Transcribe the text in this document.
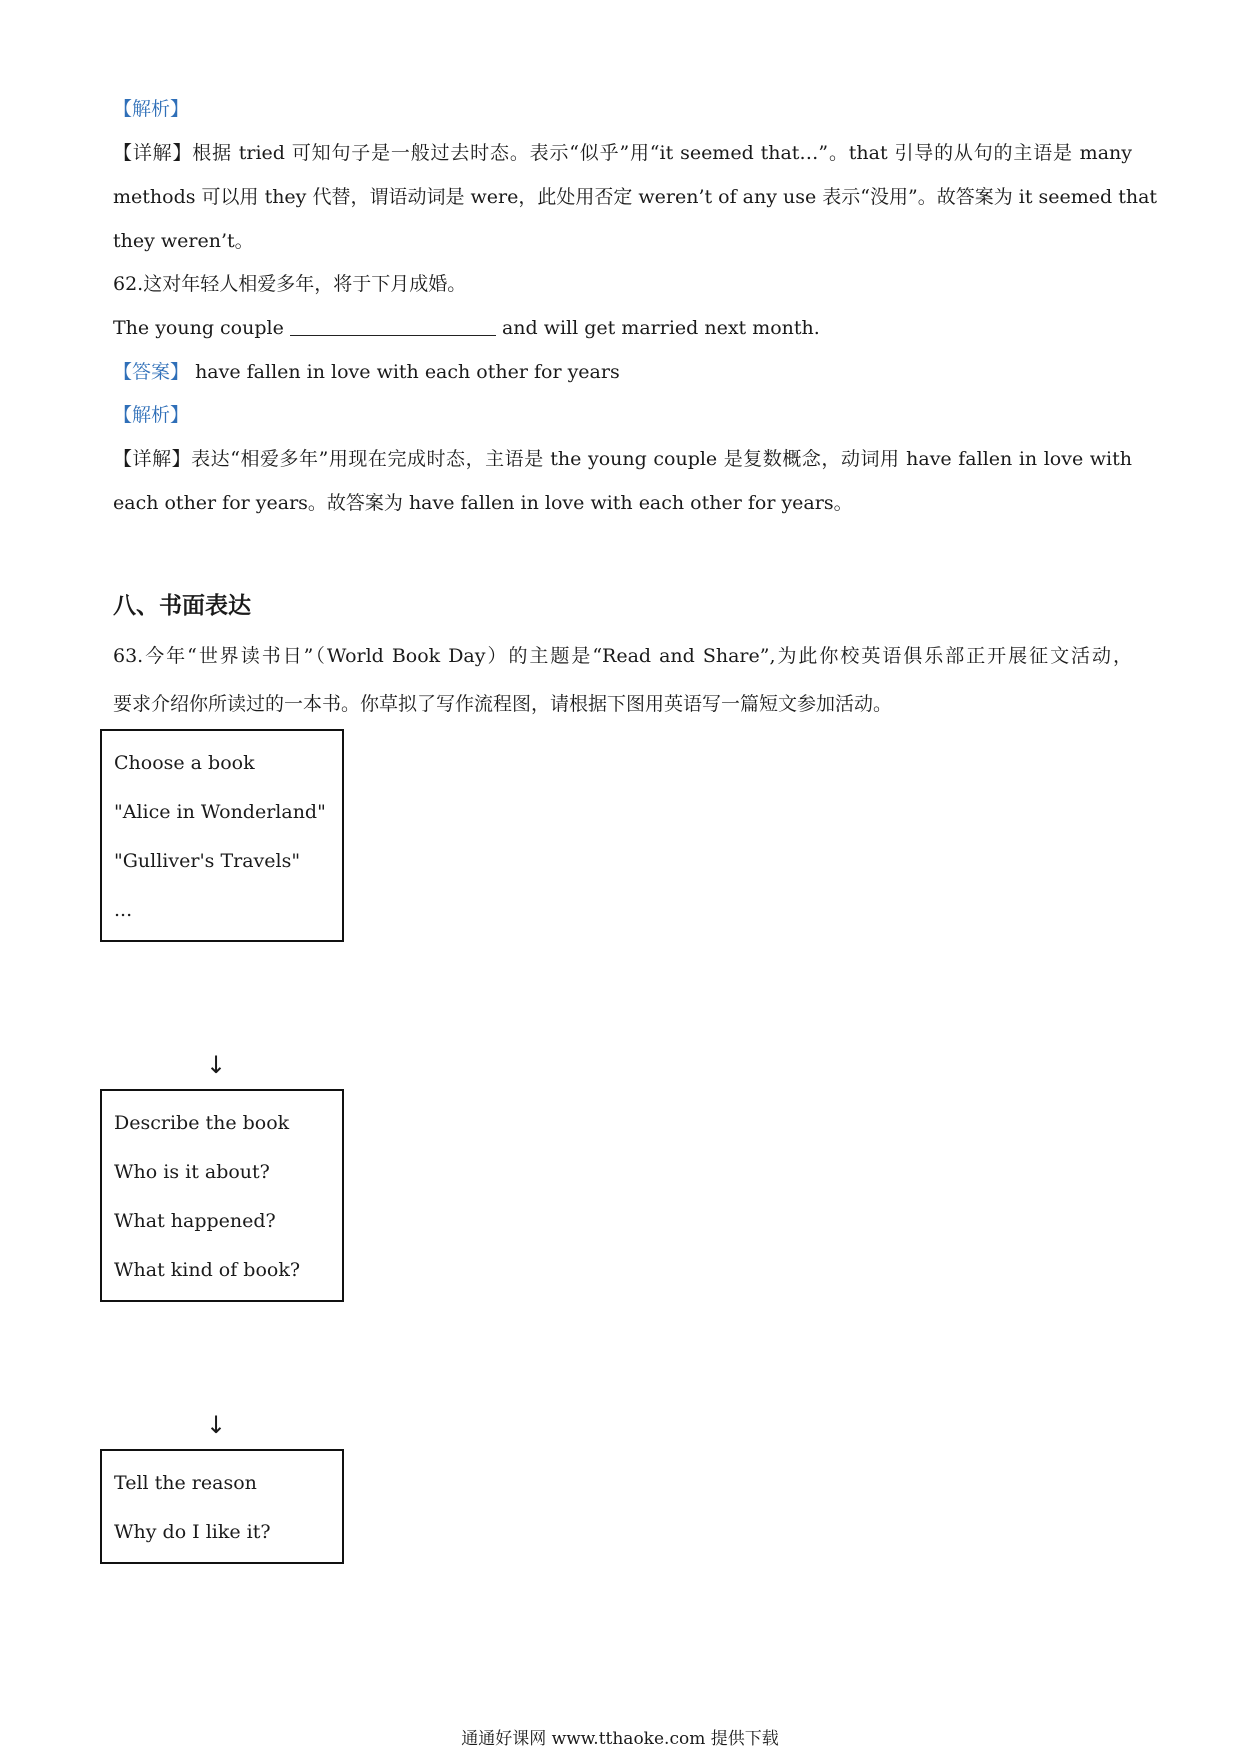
【解析】
【详解】根据 tried 可知句子是一般过去时态。表示“似乎”用“it seemed that…”。that 引导的从句的主语是 many
methods 可以用 they 代替，谓语动词是 were，此处用否定 weren’t of any use 表示“没用”。故答案为 it seemed that
they weren’t。
62.这对年轻人相爱多年，将于下月成婚。
The young couple	and will get married next month.
【答案】 have fallen in love with each other for years
【解析】
【详解】表达“相爱多年”用现在完成时态，主语是 the young couple 是复数概念，动词用 have fallen in love with
each other for years。故答案为 have fallen in love with each other for years。
八、书面表达
63.今年“世界读书日”（World Book Day）的主题是“Read and Share”,为此你校英语俱乐部正开展征文活动，
要求介绍你所读过的一本书。你草拟了写作流程图，请根据下图用英语写一篇短文参加活动。
Choose a book
"Alice in Wonderland"
"Gulliver's Travels"
...
↓
Describe the book
Who is it about?
What happened?
What kind of book?
↓
Tell the reason
Why do I like it?
通通好课网 www.tthaoke.com 提供下载
